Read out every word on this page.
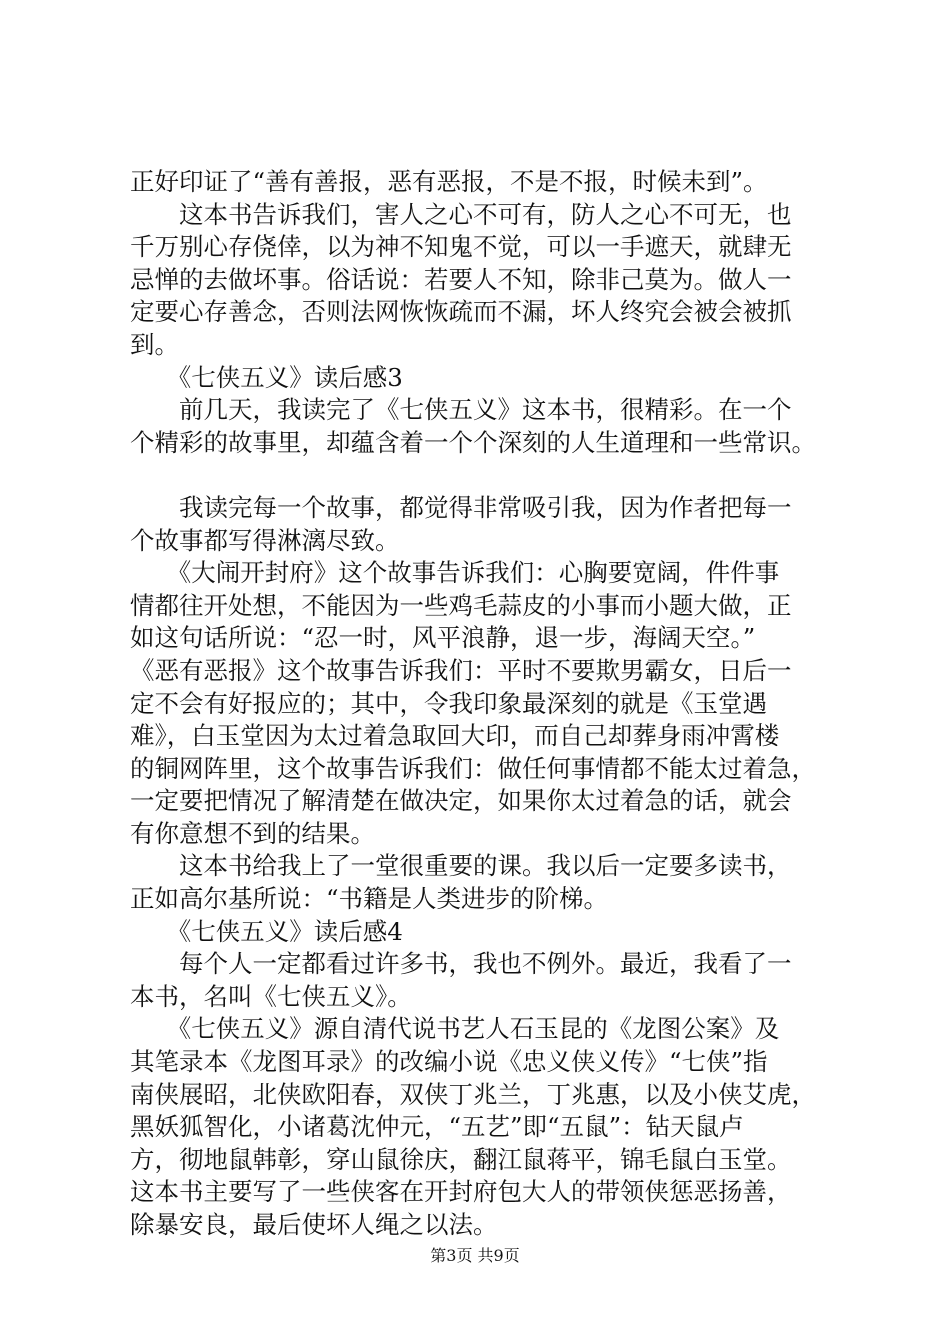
正好印证了“善有善报，恶有恶报，不是不报，时候未到”。
　　这本书告诉我们，害人之心不可有，防人之心不可无，也
千万别心存侥倖，以为神不知鬼不觉，可以一手遮天，就肆无
忌惮的去做坏事。俗话说：若要人不知，除非己莫为。做人一
定要心存善念，否则法网恢恢疏而不漏，坏人终究会被会被抓
到。
　　《七侠五义》读后感3
　　前几天，我读完了《七侠五义》这本书，很精彩。在一个
个精彩的故事里，却蕴含着一个个深刻的人生道理和一些常识。
　　我读完每一个故事，都觉得非常吸引我，因为作者把每一
个故事都写得淋漓尽致。
　　《大闹开封府》这个故事告诉我们：心胸要宽阔，件件事
情都往开处想，不能因为一些鸡毛蒜皮的小事而小题大做，正
如这句话所说：“忍一时，风平浪静，退一步，海阔天空。”
《恶有恶报》这个故事告诉我们：平时不要欺男霸女，日后一
定不会有好报应的；其中，令我印象最深刻的就是《玉堂遇
难》，白玉堂因为太过着急取回大印，而自己却葬身雨冲霄楼
的铜网阵里，这个故事告诉我们：做任何事情都不能太过着急，
一定要把情况了解清楚在做决定，如果你太过着急的话，就会
有你意想不到的结果。
　　这本书给我上了一堂很重要的课。我以后一定要多读书，
正如高尔基所说：“书籍是人类进步的阶梯。
　　《七侠五义》读后感4
　　每个人一定都看过许多书，我也不例外。最近，我看了一
本书，名叫《七侠五义》。
　　《七侠五义》源自清代说书艺人石玉昆的《龙图公案》及
其笔录本《龙图耳录》的改编小说《忠义侠义传》“七侠”指
南侠展昭，北侠欧阳春，双侠丁兆兰，丁兆惠，以及小侠艾虎，
黑妖狐智化，小诸葛沈仲元，“五艺”即“五鼠”：钻天鼠卢
方，彻地鼠韩彰，穿山鼠徐庆，翻江鼠蒋平，锦毛鼠白玉堂。
这本书主要写了一些侠客在开封府包大人的带领侠惩恶扬善，
除暴安良，最后使坏人绳之以法。
第3页 共9页
